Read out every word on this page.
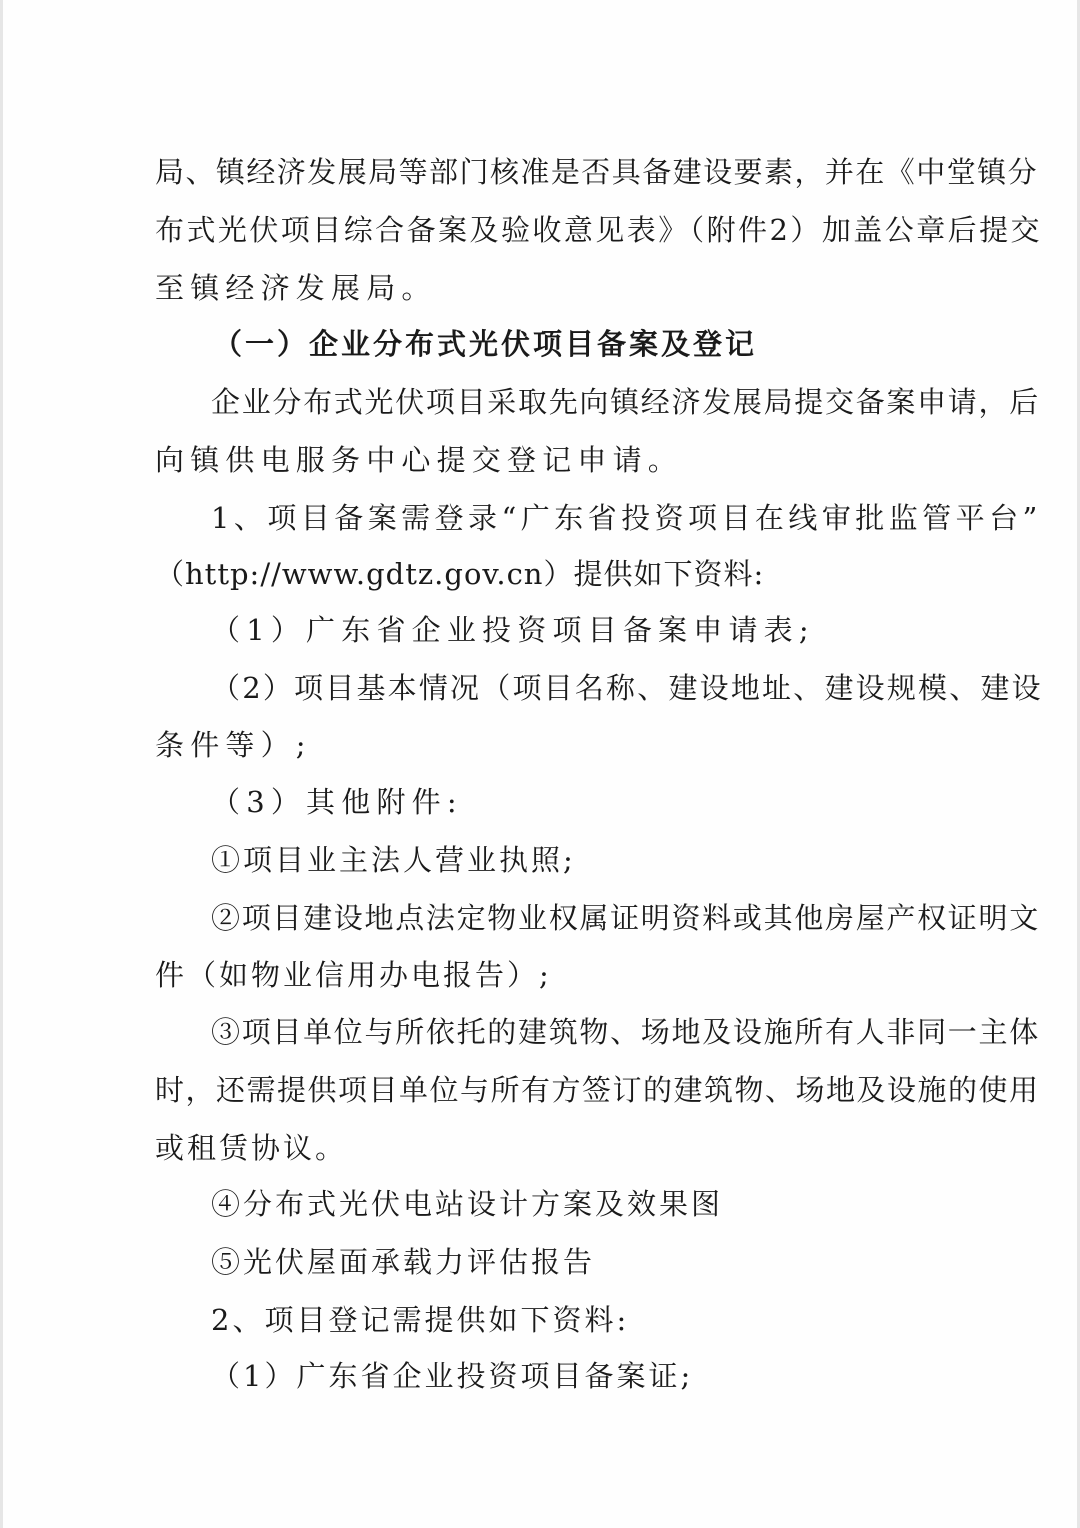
局、镇经济发展局等部门核准是否具备建设要素，并在《中堂镇分
布式光伏项目综合备案及验收意见表》（附件2）加盖公章后提交
至镇经济发展局。
（一）企业分布式光伏项目备案及登记
企业分布式光伏项目采取先向镇经济发展局提交备案申请，后
向镇供电服务中心提交登记申请。
1、项目备案需登录“广东省投资项目在线审批监管平台”
（http://www.gdtz.gov.cn）提供如下资料:
（1）广东省企业投资项目备案申请表;
（2）项目基本情况（项目名称、建设地址、建设规模、建设
条件等）;
（3）其他附件:
①项目业主法人营业执照;
②项目建设地点法定物业权属证明资料或其他房屋产权证明文
件（如物业信用办电报告）;
③项目单位与所依托的建筑物、场地及设施所有人非同一主体
时，还需提供项目单位与所有方签订的建筑物、场地及设施的使用
或租赁协议。
④分布式光伏电站设计方案及效果图
⑤光伏屋面承载力评估报告
2、项目登记需提供如下资料:
（1）广东省企业投资项目备案证;
